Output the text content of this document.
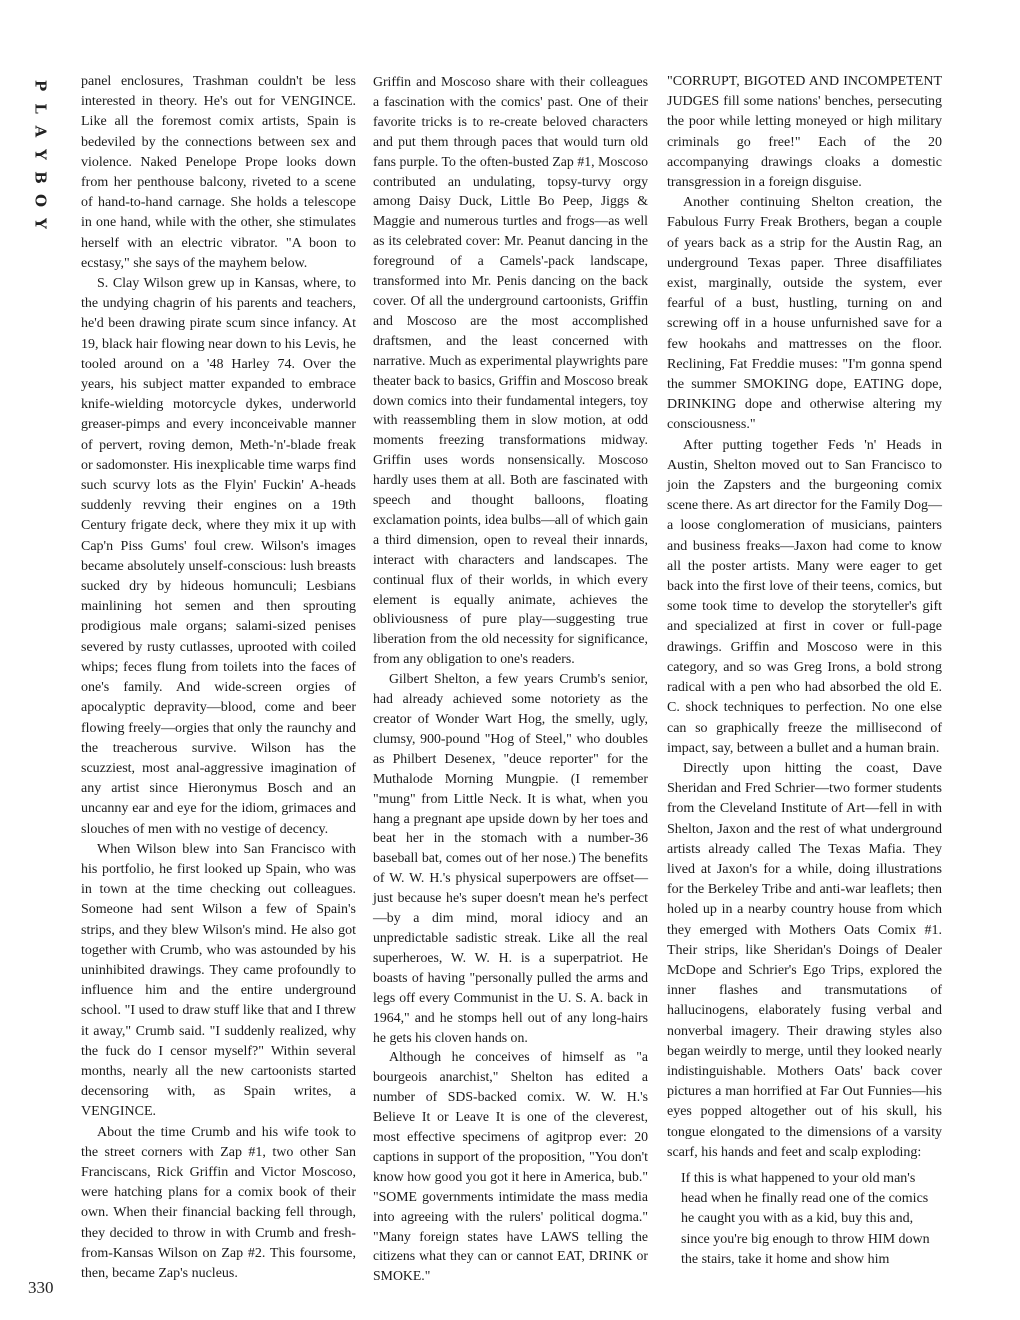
P
L
A
Y
B
O
Y
330

panel enclosures, Trashman couldn't be less interested in theory. He's out for VENGINCE. Like all the foremost comix artists, Spain is bedeviled by the connections between sex and violence. Naked Penelope Prope looks down from her penthouse balcony, riveted to a scene of hand-to-hand carnage. She holds a telescope in one hand, while with the other, she stimulates herself with an electric vibrator. "A boon to ecstasy," she says of the mayhem below.

S. Clay Wilson grew up in Kansas, where, to the undying chagrin of his parents and teachers, he'd been drawing pirate scum since infancy. At 19, black hair flowing near down to his Levis, he tooled around on a '48 Harley 74. Over the years, his subject matter expanded to embrace knife-wielding motorcycle dykes, underworld greaser-pimps and every inconceivable manner of pervert, roving demon, Meth-'n'-blade freak or sadomonster. His inexplicable time warps find such scurvy lots as the Flyin' Fuckin' A-heads suddenly revving their engines on a 19th Century frigate deck, where they mix it up with Cap'n Piss Gums' foul crew. Wilson's images became absolutely unself-conscious: lush breasts sucked dry by hideous homunculi; Lesbians mainlining hot semen and then sprouting prodigious male organs; salami-sized penises severed by rusty cutlasses, uprooted with coiled whips; feces flung from toilets into the faces of one's family. And wide-screen orgies of apocalyptic depravity—blood, come and beer flowing freely—orgies that only the raunchy and the treacherous survive. Wilson has the scuzziest, most anal-aggressive imagination of any artist since Hieronymus Bosch and an uncanny ear and eye for the idiom, grimaces and slouches of men with no vestige of decency.

When Wilson blew into San Francisco with his portfolio, he first looked up Spain, who was in town at the time checking out colleagues. Someone had sent Wilson a few of Spain's strips, and they blew Wilson's mind. He also got together with Crumb, who was astounded by his uninhibited drawings. They came profoundly to influence him and the entire underground school. "I used to draw stuff like that and I threw it away," Crumb said. "I suddenly realized, why the fuck do I censor myself?" Within several months, nearly all the new cartoonists started decensoring with, as Spain writes, a VENGINCE.

About the time Crumb and his wife took to the street corners with Zap #1, two other San Franciscans, Rick Griffin and Victor Moscoso, were hatching plans for a comix book of their own. When their financial backing fell through, they decided to throw in with Crumb and fresh-from-Kansas Wilson on Zap #2. This foursome, then, became Zap's nucleus.

Griffin and Moscoso share with their colleagues a fascination with the comics' past. One of their favorite tricks is to re-create beloved characters and put them through paces that would turn old fans purple. To the often-busted Zap #1, Moscoso contributed an undulating, topsy-turvy orgy among Daisy Duck, Little Bo Peep, Jiggs & Maggie and numerous turtles and frogs—as well as its celebrated cover: Mr. Peanut dancing in the foreground of a Camels'-pack landscape, transformed into Mr. Penis dancing on the back cover. Of all the underground cartoonists, Griffin and Moscoso are the most accomplished draftsmen, and the least concerned with narrative. Much as experimental playwrights pare theater back to basics, Griffin and Moscoso break down comics into their fundamental integers, toy with reassembling them in slow motion, at odd moments freezing transformations midway. Griffin uses words nonsensically. Moscoso hardly uses them at all. Both are fascinated with speech and thought balloons, floating exclamation points, idea bulbs—all of which gain a third dimension, open to reveal their innards, interact with characters and landscapes. The continual flux of their worlds, in which every element is equally animate, achieves the obliviousness of pure play—suggesting true liberation from the old necessity for significance, from any obligation to one's readers.

Gilbert Shelton, a few years Crumb's senior, had already achieved some notoriety as the creator of Wonder Wart Hog, the smelly, ugly, clumsy, 900-pound "Hog of Steel," who doubles as Philbert Desenex, "deuce reporter" for the Muthalode Morning Mungpie. (I remember "mung" from Little Neck. It is what, when you hang a pregnant ape upside down by her toes and beat her in the stomach with a number-36 baseball bat, comes out of her nose.) The benefits of W. W. H.'s physical superpowers are offset—just because he's super doesn't mean he's perfect—by a dim mind, moral idiocy and an unpredictable sadistic streak. Like all the real superheroes, W. W. H. is a superpatriot. He boasts of having "personally pulled the arms and legs off every Communist in the U. S. A. back in 1964," and he stomps hell out of any long-hairs he gets his cloven hands on.

Although he conceives of himself as "a bourgeois anarchist," Shelton has edited a number of SDS-backed comix. W. W. H.'s Believe It or Leave It is one of the cleverest, most effective specimens of agitprop ever: 20 captions in support of the proposition, "You don't know how good you got it here in America, bub." "SOME governments intimidate the mass media into agreeing with the rulers' political dogma." "Many foreign states have LAWS telling the citizens what they can or cannot EAT, DRINK or SMOKE."

"CORRUPT, BIGOTED AND INCOMPETENT JUDGES fill some nations' benches, persecuting the poor while letting moneyed or high military criminals go free!" Each of the 20 accompanying drawings cloaks a domestic transgression in a foreign disguise.

Another continuing Shelton creation, the Fabulous Furry Freak Brothers, began a couple of years back as a strip for the Austin Rag, an underground Texas paper. Three disaffiliates exist, marginally, outside the system, ever fearful of a bust, hustling, turning on and screwing off in a house unfurnished save for a few hookahs and mattresses on the floor. Reclining, Fat Freddie muses: "I'm gonna spend the summer SMOKING dope, EATING dope, DRINKING dope and otherwise altering my consciousness."

After putting together Feds 'n' Heads in Austin, Shelton moved out to San Francisco to join the Zapsters and the burgeoning comix scene there. As art director for the Family Dog—a loose conglomeration of musicians, painters and business freaks—Jaxon had come to know all the poster artists. Many were eager to get back into the first love of their teens, comics, but some took time to develop the storyteller's gift and specialized at first in cover or full-page drawings. Griffin and Moscoso were in this category, and so was Greg Irons, a bold strong radical with a pen who had absorbed the old E. C. shock techniques to perfection. No one else can so graphically freeze the millisecond of impact, say, between a bullet and a human brain.

Directly upon hitting the coast, Dave Sheridan and Fred Schrier—two former students from the Cleveland Institute of Art—fell in with Shelton, Jaxon and the rest of what underground artists already called The Texas Mafia. They lived at Jaxon's for a while, doing illustrations for the Berkeley Tribe and anti-war leaflets; then holed up in a nearby country house from which they emerged with Mothers Oats Comix #1. Their strips, like Sheridan's Doings of Dealer McDope and Schrier's Ego Trips, explored the inner flashes and transmutations of hallucinogens, elaborately fusing verbal and nonverbal imagery. Their drawing styles also began weirdly to merge, until they looked nearly indistinguishable. Mothers Oats' back cover pictures a man horrified at Far Out Funnies—his eyes popped altogether out of his skull, his tongue elongated to the dimensions of a varsity scarf, his hands and feet and scalp exploding:

If this is what happened to your old man's head when he finally read one of the comics he caught you with as a kid, buy this and, since you're big enough to throw HIM down the stairs, take it home and show him
